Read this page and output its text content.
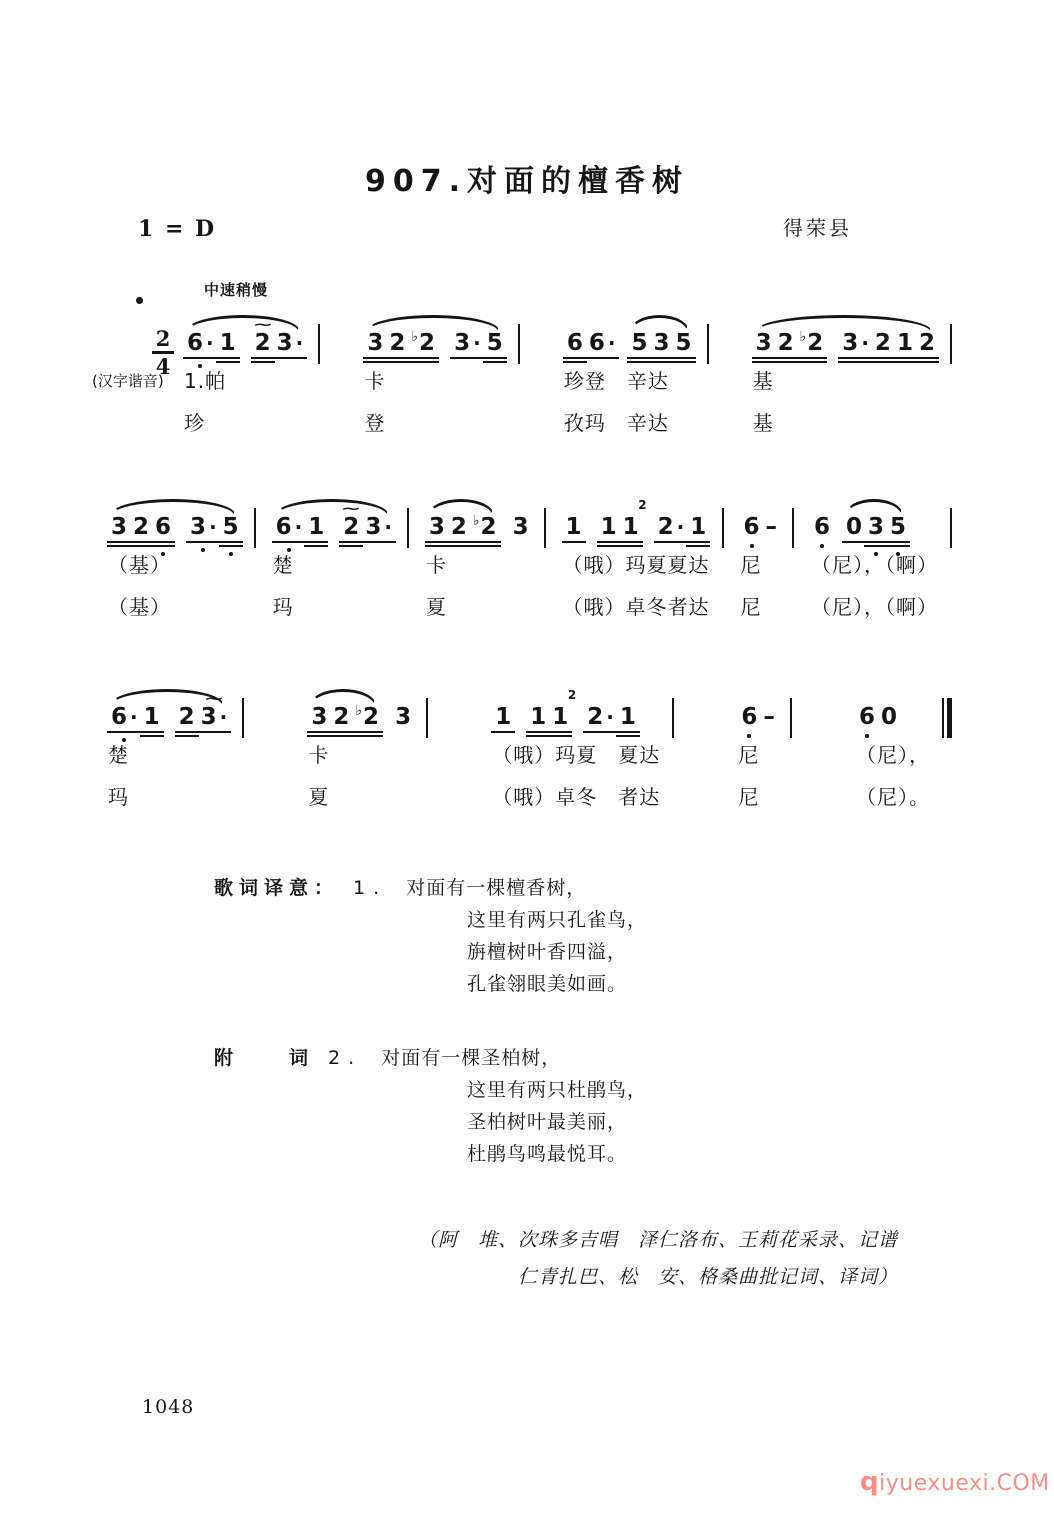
907.对面的檀香树
1 = D	得荣县
中速稍慢
2
4
6 · 1 2
~
3 ·
(汉字谐音) 1.帕
珍
3 2 ♭ 2 3 · 5
卡
登
6 6 · 5 3 5
珍登　辛达
孜玛　辛达
3 2 ♭ 2 3 · 2 1 2
基
基
3 2 6 3 · 5
（基）
（基）
6 · 1 2
~
3 ·
楚
玛
3 2 ♭ 2 3
卡
夏
1 1 1
2
2 · 1
（哦）玛夏夏达
（哦）卓冬者达
6 –
尼
尼
6 0 3 5
（尼），（啊）
（尼），（啊）
6 · 1 2 3 ·
~
楚
玛
3 2 ♭ 2 3
卡
夏
1 1 1
2
2 · 1
（哦）玛夏　夏达
（哦）卓冬　者达
6 –
尼
尼
6 0
（尼），
（尼）。
歌词译意： 1 . 对面有一棵檀香树，
这里有两只孔雀鸟，
旃檀树叶香四溢，
孔雀翎眼美如画。
附　　词 2 . 对面有一棵圣柏树，
这里有两只杜鹃鸟，
圣柏树叶最美丽，
杜鹃鸟鸣最悦耳。
（阿　堆、次珠多吉唱　泽仁洛布、王莉花采录、记谱
仁青扎巴、松　安、格桑曲批记词、译词）
1048
qiyuexuexi.COM
